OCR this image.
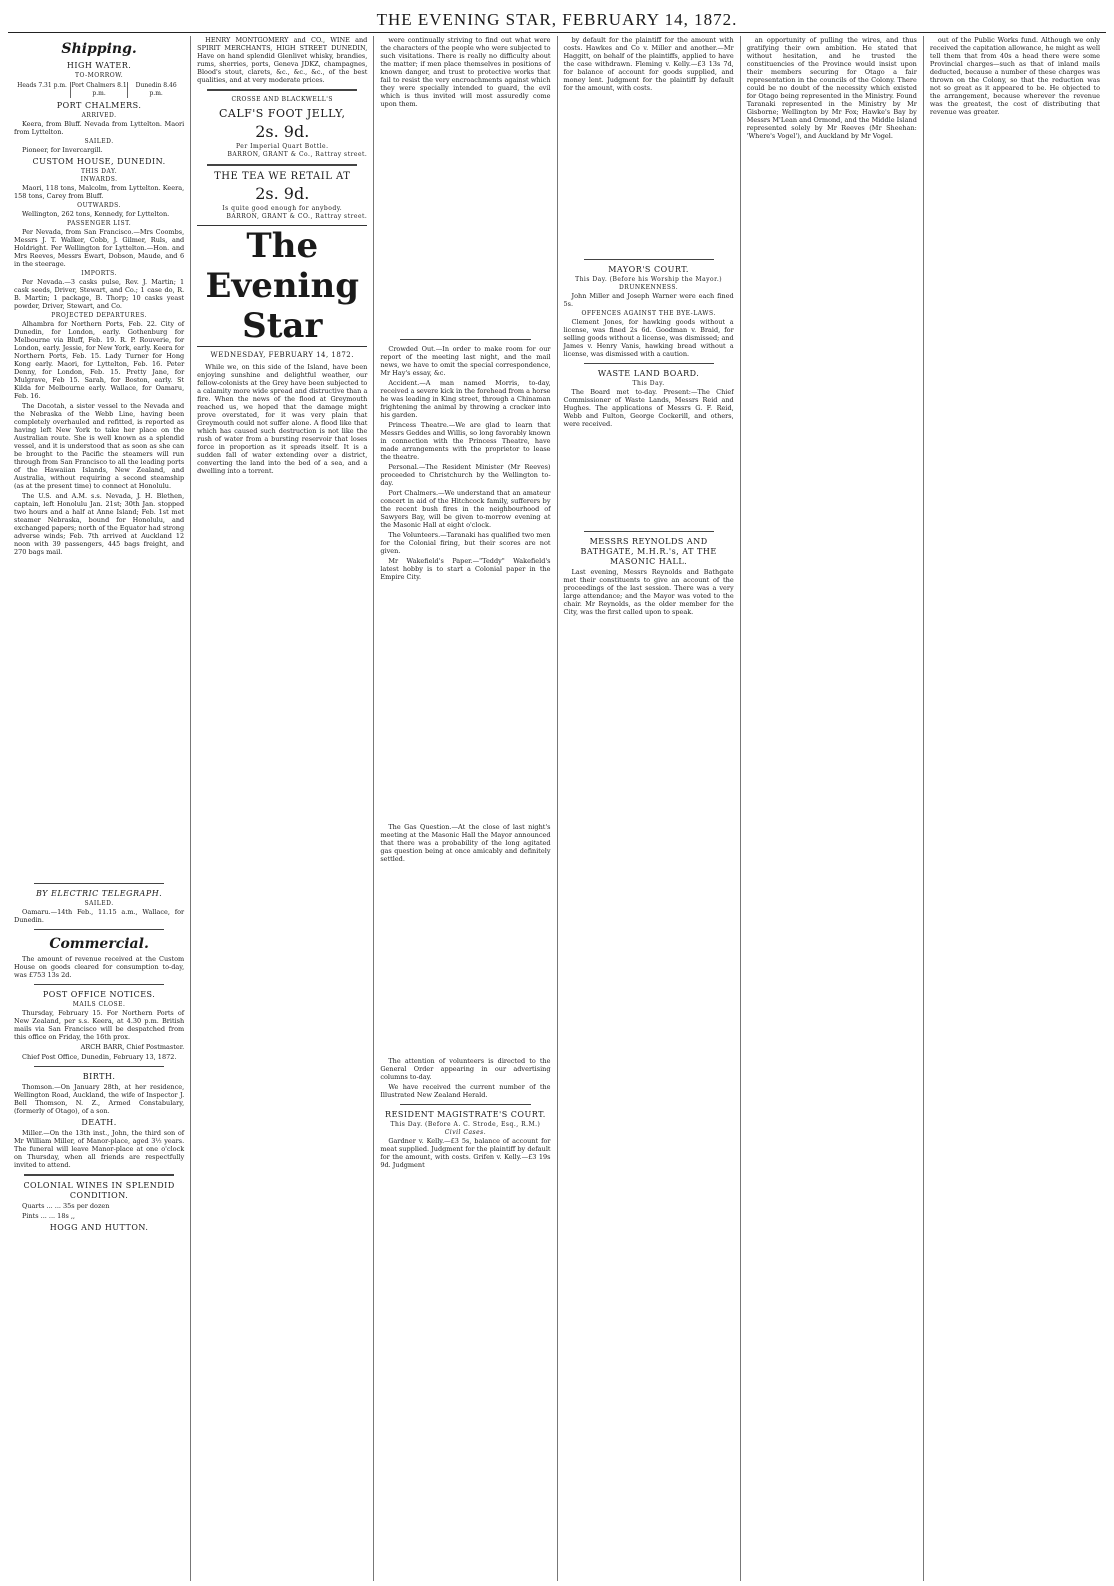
THE EVENING STAR, FEBRUARY 14, 1872.
Shipping.
HIGH WATER.
TO-MORROW.
Heads 7.31 p.m. Port Chalmers 8.1 p.m.
Dunedin 8.46 p.m.
PORT CHALMERS.
ARRIVED.

Keera, from Bluff. Nevada from Lyttelton. Maori from Lyttelton.

SAILED.

Pioneer, for Invercargill.

CUSTOM HOUSE, DUNEDIN.
THIS DAY.
INWARDS.

Maori, 118 tons, Malcolm, from Lyttelton. Keera, 158 tons, Carey from Bluff.

OUTWARDS.

Wellington, 262 tons, Kennedy, for Lyttelton.

PASSENGER LIST.

Per Nevada, from San Francisco.—Mrs Coombs, Messrs J. T. Walker, Cobb, J. Gilmer, Ruls, and Holdright. Per Wellington for Lyttelton.—Hon. and Mrs Reeves, Messrs Ewart, Dobson, Maude, and 6 in the steerage.

IMPORTS.

Per Nevada.—3 casks pulse, Rev. J. Martin; 1 cask seeds, Driver, Stewart, and Co.; 1 case do, R. B. Martin; 1 package, B. Thorp; 10 casks yeast powder, Driver, Stewart, and Co.

PROJECTED DEPARTURES.

Alhambra for Northern Ports, Feb. 22. City of Dunedin, for London, early. Gothenburg for Melbourne via Bluff, Feb. 19. R. P. Rouverie, for London, early. Jessie, for New York, early. Keera for Northern Ports, Feb. 15. Lady Turner for Hong Kong early. Maori, for Lyttelton, Feb. 16. Peter Denny, for London, Feb. 15. Pretty Jane, for Mulgrave, Feb 15. Sarah, for Boston, early. St Kilda for Melbourne early. Wallace, for Oamaru, Feb. 16.

The Dacotah, a sister vessel to the Nevada and the Nebraska of the Webb Line, having been completely overhauled and refitted, is reported as having left New York to take her place on the Australian route. She is well known as a splendid vessel, and it is understood that as soon as she can be brought to the Pacific the steamers will run through from San Francisco to all the leading ports of the Hawaiian Islands, New Zealand, and Australia, without requiring a second steamship (as at the present time) to connect at Honolulu.

The U.S. and A.M. s.s. Nevada, J. H. Blethen, captain, left Honolulu Jan. 21st; 30th Jan. stopped two hours and a half at Anne Island; Feb. 1st met steamer Nebraska, bound for Honolulu, and exchanged papers; north of the Equator had strong adverse winds; Feb. 7th arrived at Auckland 12 noon with 39 passengers, 445 bags freight, and 270 bags mail.

BY ELECTRIC TELEGRAPH.
SAILED.

Oamaru.—14th Feb., 11.15 a.m., Wallace, for Dunedin.

Commercial.

The amount of revenue received at the Custom House on goods cleared for consumption to-day, was £753 13s 2d.

POST OFFICE NOTICES.
MAILS CLOSE.

Thursday, February 15. For Northern Ports of New Zealand, per s.s. Keera, at 4.30 p.m. British mails via San Francisco will be despatched from this office on Friday, the 16th prox.

ARCH BARR, Chief Postmaster.

Chief Post Office, Dunedin, February 13, 1872.

BIRTH.

Thomson.—On January 28th, at her residence, Wellington Road, Auckland, the wife of Inspector J. Bell Thomson, N. Z., Armed Constabulary, (formerly of Otago), of a son.

DEATH.

Miller.—On the 13th inst., John, the third son of Mr William Miller, of Manor-place, aged 3½ years. The funeral will leave Manor-place at one o'clock on Thursday, when all friends are respectfully invited to attend.

COLONIAL WINES IN SPLENDID CONDITION.

Quarts ... ... 35s per dozen

Pints ... ... 18s ,,

HOGG AND HUTTON.

HENRY MONTGOMERY and CO., WINE and SPIRIT MERCHANTS, HIGH STREET DUNEDIN, Have on hand splendid Glenlivet whisky, brandies, rums, sherries, ports, Geneva JDKZ, champagnes, Blood's stout, clarets, &c., &c., &c., of the best qualities, and at very moderate prices.

CROSSE AND BLACKWELL'S
CALF'S FOOT JELLY,
2s. 9d.
Per Imperial Quart Bottle.
BARRON, GRANT & Co., Rattray street.
THE TEA WE RETAIL AT
2s. 9d.
Is quite good enough for anybody.
BARRON, GRANT & CO., Rattray street.
The Evening Star
WEDNESDAY, FEBRUARY 14, 1872.

While we, on this side of the Island, have been enjoying sunshine and delightful weather, our fellow-colonists at the Grey have been subjected to a calamity more wide spread and distructive than a fire. When the news of the flood at Greymouth reached us, we hoped that the damage might prove overstated, for it was very plain that Greymouth could not suffer alone. A flood like that which has caused such destruction is not like the rush of water from a bursting reservoir that loses force in proportion as it spreads itself. It is a sudden fall of water extending over a district, converting the land into the bed of a sea, and a dwelling into a torrent.

were continually striving to find out what were the characters of the people who were subjected to such visitations. There is really no difficulty about the matter; if men place themselves in positions of known danger, and trust to protective works that fail to resist the very encroachments against which they were specially intended to guard, the evil which is thus invited will most assuredly come upon them.

Crowded Out.—In order to make room for our report of the meeting last night, and the mail news, we have to omit the special correspondence, Mr Hay's essay, &c.

Accident.—A man named Morris, to-day, received a severe kick in the forehead from a horse he was leading in King street, through a Chinaman frightening the animal by throwing a cracker into his garden.

Princess Theatre.—We are glad to learn that Messrs Geddes and Willis, so long favorably known in connection with the Princess Theatre, have made arrangements with the proprietor to lease the theatre.

Personal.—The Resident Minister (Mr Reeves) proceeded to Christchurch by the Wellington to-day.

Port Chalmers.—We understand that an amateur concert in aid of the Hitchcock family, sufferers by the recent bush fires in the neighbourhood of Sawyers Bay, will be given to-morrow evening at the Masonic Hall at eight o'clock.

The Volunteers.—Taranaki has qualified two men for the Colonial firing, but their scores are not given.

Mr Wakefield's Paper.—"Teddy" Wakefield's latest hobby is to start a Colonial paper in the Empire City.

The Gas Question.—At the close of last night's meeting at the Masonic Hall the Mayor announced that there was a probability of the long agitated gas question being at once amicably and definitely settled.

The attention of volunteers is directed to the General Order appearing in our advertising columns to-day.

We have received the current number of the Illustrated New Zealand Herald.

RESIDENT MAGISTRATE'S COURT.
This Day. (Before A. C. Strode, Esq., R.M.)
Civil Cases.

Gardner v. Kelly.—£3 5s, balance of account for meat supplied. Judgment for the plaintiff by default for the amount, with costs. Grifen v. Kelly.—£3 19s 9d. Judgment

by default for the plaintiff for the amount with costs. Hawkes and Co v. Miller and another.—Mr Haggitt, on behalf of the plaintiffs, applied to have the case withdrawn. Fleming v. Kelly.—£3 13s 7d, for balance of account for goods supplied, and money lent. Judgment for the plaintiff by default for the amount, with costs.

MAYOR'S COURT.
This Day. (Before his Worship the Mayor.)
DRUNKENNESS.

John Miller and Joseph Warner were each fined 5s.

OFFENCES AGAINST THE BYE-LAWS.

Clement Jones, for hawking goods without a license, was fined 2s 6d. Goodman v. Braid, for selling goods without a license, was dismissed; and James v. Henry Vanis, hawking bread without a license, was dismissed with a caution.

WASTE LAND BOARD.
This Day.

The Board met to-day. Present:—The Chief Commissioner of Waste Lands, Messrs Reid and Hughes. The applications of Messrs G. F. Reid, Webb and Fulton, George Cockerill, and others, were received.

MESSRS REYNOLDS AND BATHGATE, M.H.R.'s, AT THE MASONIC HALL.

Last evening, Messrs Reynolds and Bathgate met their constituents to give an account of the proceedings of the last session. There was a very large attendance; and the Mayor was voted to the chair. Mr Reynolds, as the older member for the City, was the first called upon to speak.

an opportunity of pulling the wires, and thus gratifying their own ambition. He stated that without hesitation, and he trusted the constituencies of the Province would insist upon their members securing for Otago a fair representation in the councils of the Colony. There could be no doubt of the necessity which existed for Otago being represented in the Ministry. Found Taranaki represented in the Ministry by Mr Gisborne; Wellington by Mr Fox; Hawke's Bay by Messrs M'Lean and Ormond, and the Middle Island represented solely by Mr Reeves (Mr Sheehan: 'Where's Vogel'), and Auckland by Mr Vogel.

out of the Public Works fund. Although we only received the capitation allowance, he might as well tell them that from 40s a head there were some Provincial charges—such as that of inland mails deducted, because a number of these charges was thrown on the Colony, so that the reduction was not so great as it appeared to be. He objected to the arrangement, because wherever the revenue was the greatest, the cost of distributing that revenue was greater.
